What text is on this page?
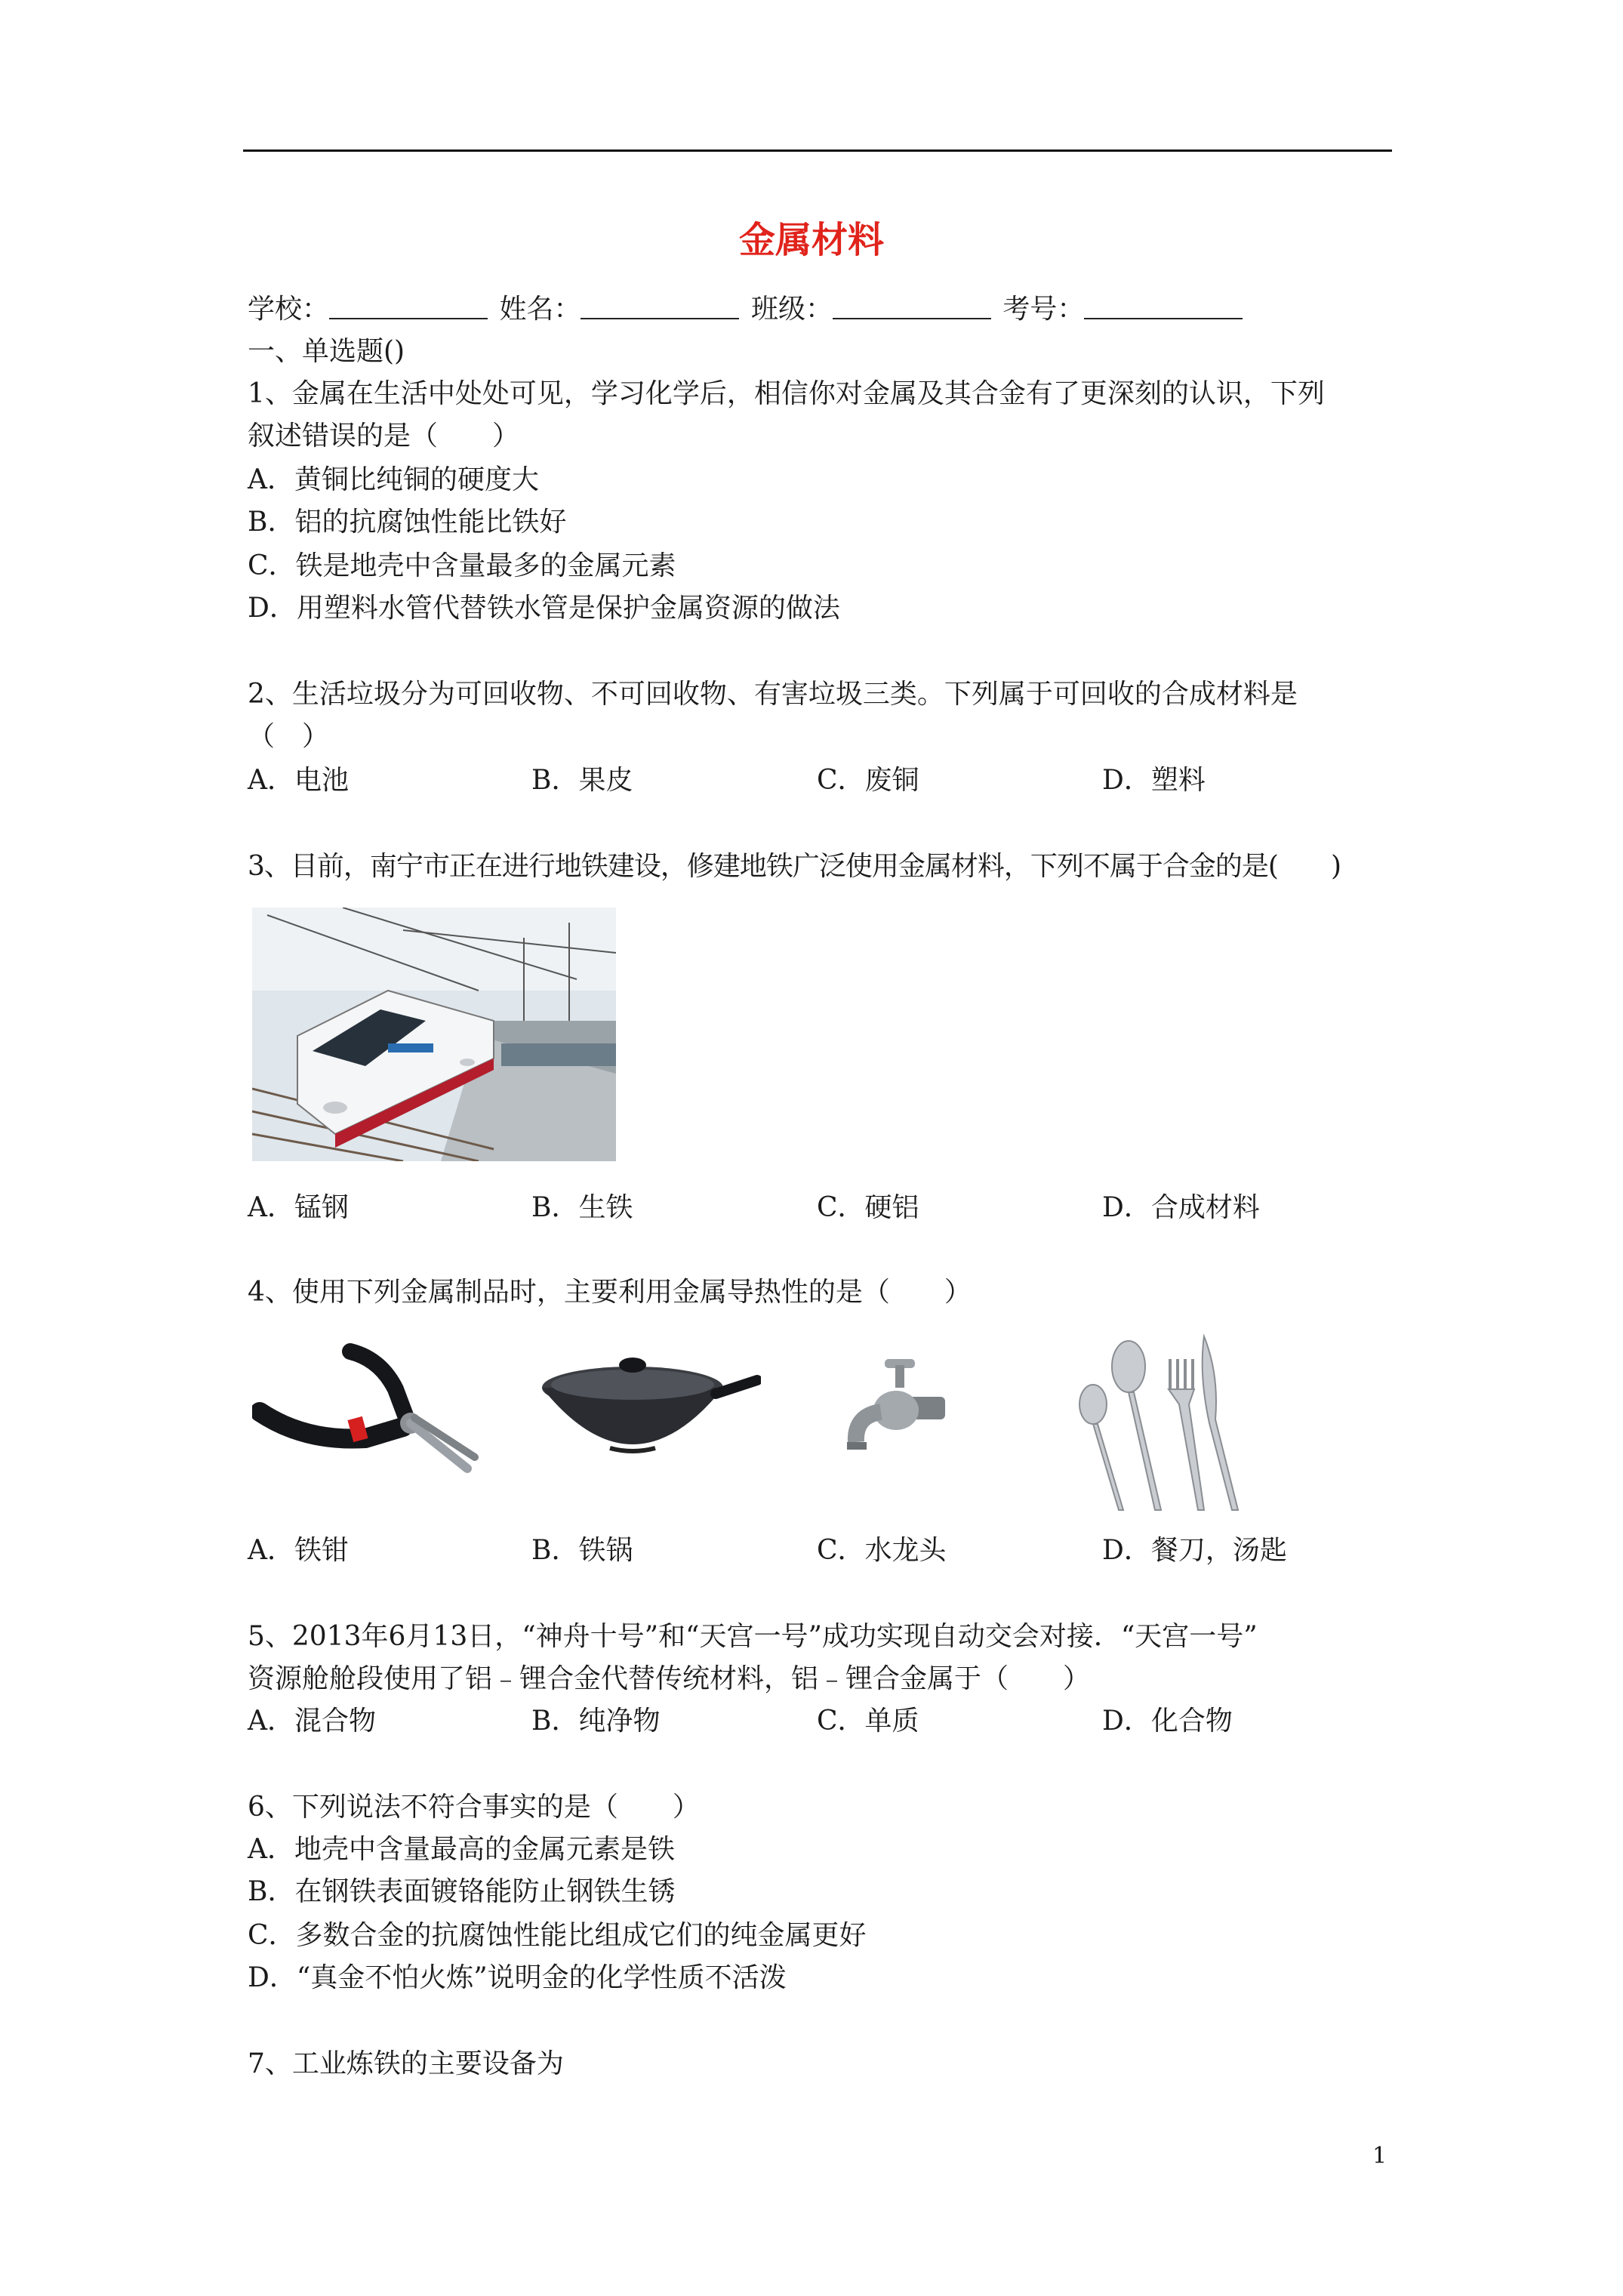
金属材料
学校：	姓名：	班级：	考号：
一、单选题()
1、金属在生活中处处可见，学习化学后，相信你对金属及其合金有了更深刻的认识，下列
叙述错误的是（　　）
A．黄铜比纯铜的硬度大
B．铝的抗腐蚀性能比铁好
C．铁是地壳中含量最多的金属元素
D．用塑料水管代替铁水管是保护金属资源的做法
2、生活垃圾分为可回收物、不可回收物、有害垃圾三类。下列属于可回收的合成材料是
（　）
A．电池	B．果皮	C．废铜	D．塑料
3、目前，南宁市正在进行地铁建设，修建地铁广泛使用金属材料，下列不属于合金的是(　　)
A．锰钢	B．生铁	C．硬铝	D．合成材料
4、使用下列金属制品时，主要利用金属导热性的是（　　）
A．铁钳	B．铁锅	C．水龙头	D．餐刀，汤匙
5、2013年6月13日，“神舟十号”和“天宫一号”成功实现自动交会对接．“天宫一号”
资源舱舱段使用了铝﹣锂合金代替传统材料，铝﹣锂合金属于（　　）
A．混合物	B．纯净物	C．单质	D．化合物
6、下列说法不符合事实的是（　　）
A．地壳中含量最高的金属元素是铁
B．在钢铁表面镀铬能防止钢铁生锈
C．多数合金的抗腐蚀性能比组成它们的纯金属更好
D．“真金不怕火炼”说明金的化学性质不活泼
7、工业炼铁的主要设备为
1
